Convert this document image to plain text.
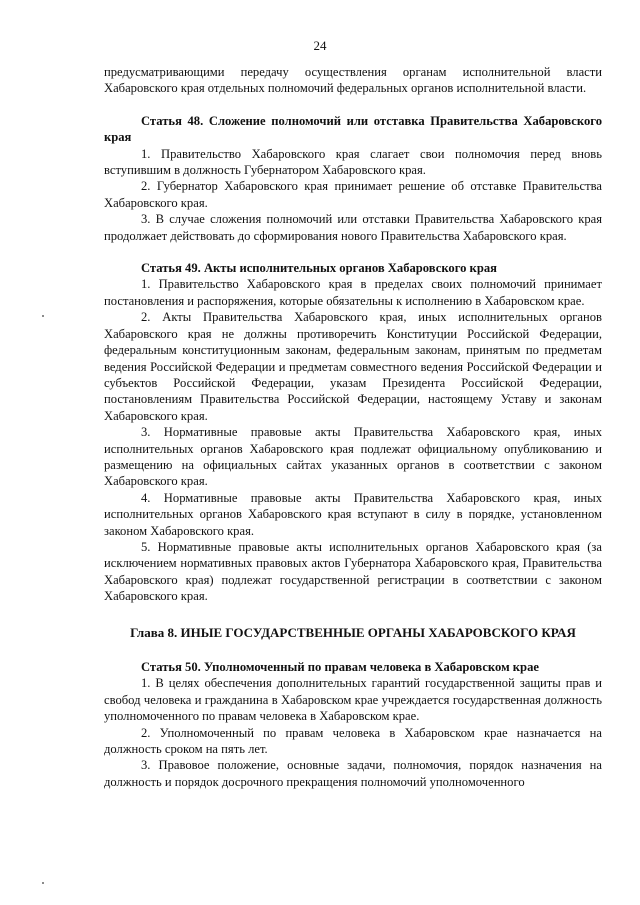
24

предусматривающими передачу осуществления органам исполнительной власти Хабаровского края отдельных полномочий федеральных органов исполнительной власти.

Статья 48. Сложение полномочий или отставка Правительства Хабаровского края

1. Правительство Хабаровского края слагает свои полномочия перед вновь вступившим в должность Губернатором Хабаровского края.

2. Губернатор Хабаровского края принимает решение об отставке Правительства Хабаровского края.

3. В случае сложения полномочий или отставки Правительства Хабаровского края продолжает действовать до сформирования нового Правительства Хабаровского края.

Статья 49. Акты исполнительных органов Хабаровского края

1. Правительство Хабаровского края в пределах своих полномочий принимает постановления и распоряжения, которые обязательны к исполнению в Хабаровском крае.

2. Акты Правительства Хабаровского края, иных исполнительных органов Хабаровского края не должны противоречить Конституции Российской Федерации, федеральным конституционным законам, федеральным законам, принятым по предметам ведения Российской Федерации и предметам совместного ведения Российской Федерации и субъектов Российской Федерации, указам Президента Российской Федерации, постановлениям Правительства Российской Федерации, настоящему Уставу и законам Хабаровского края.

3. Нормативные правовые акты Правительства Хабаровского края, иных исполнительных органов Хабаровского края подлежат официальному опубликованию и размещению на официальных сайтах указанных органов в соответствии с законом Хабаровского края.

4. Нормативные правовые акты Правительства Хабаровского края, иных исполнительных органов Хабаровского края вступают в силу в порядке, установленном законом Хабаровского края.

5. Нормативные правовые акты исполнительных органов Хабаровского края (за исключением нормативных правовых актов Губернатора Хабаровского края, Правительства Хабаровского края) подлежат государственной регистрации в соответствии с законом Хабаровского края.

Глава 8. ИНЫЕ ГОСУДАРСТВЕННЫЕ ОРГАНЫ ХАБАРОВСКОГО КРАЯ

Статья 50. Уполномоченный по правам человека в Хабаровском крае

1. В целях обеспечения дополнительных гарантий государственной защиты прав и свобод человека и гражданина в Хабаровском крае учреждается государственная должность уполномоченного по правам человека в Хабаровском крае.

2. Уполномоченный по правам человека в Хабаровском крае назначается на должность сроком на пять лет.

3. Правовое положение, основные задачи, полномочия, порядок назначения на должность и порядок досрочного прекращения полномочий уполномоченного
